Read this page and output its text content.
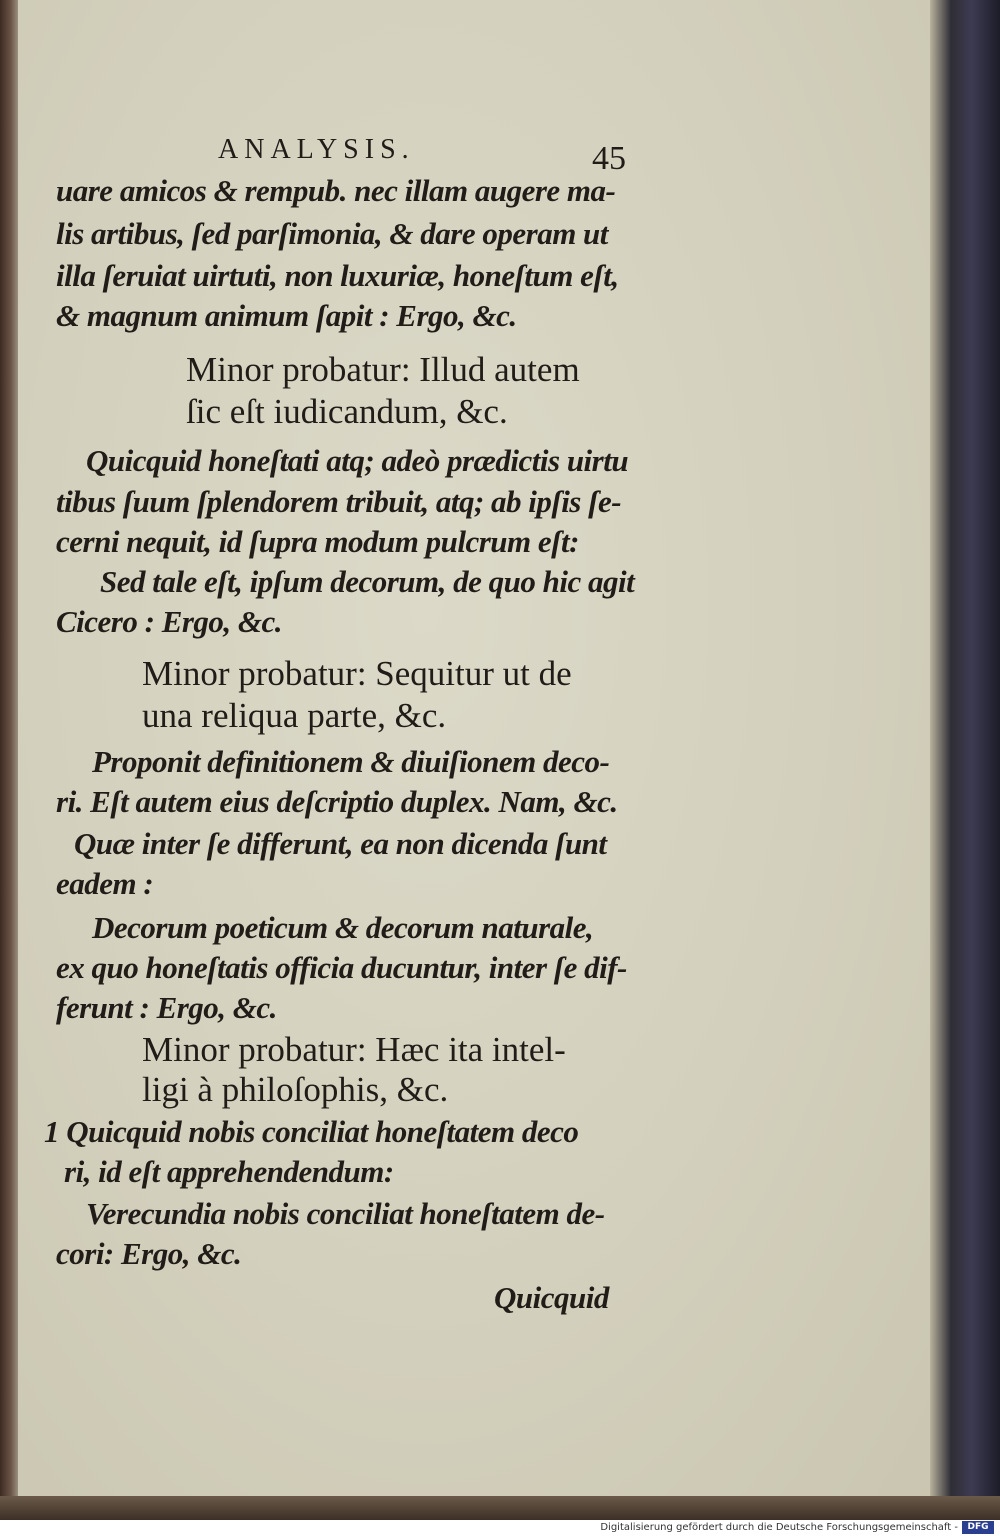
ANALYSIS.	45
uare amicos & rempub. nec illam augere ma-
lis artibus, ſed parſimonia, & dare operam ut
illa ſeruiat uirtuti, non luxuriæ, honeſtum eſt,
& magnum animum ſapit : Ergo, &c.
Minor probatur: Illud autem
ſic eſt iudicandum, &c.
Quicquid honeſtati atq; adeò prædictis uirtu
tibus ſuum ſplendorem tribuit, atq; ab ipſis ſe-
cerni nequit, id ſupra modum pulcrum eſt:
Sed tale eſt, ipſum decorum, de quo hic agit
Cicero : Ergo, &c.
Minor probatur: Sequitur ut de
una reliqua parte, &c.
Proponit definitionem & diuiſionem deco-
ri. Eſt autem eius deſcriptio duplex. Nam, &c.
Quæ inter ſe differunt, ea non dicenda ſunt
eadem :
Decorum poeticum & decorum naturale,
ex quo honeſtatis officia ducuntur, inter ſe dif-
ferunt : Ergo, &c.
Minor probatur: Hæc ita intel-
ligi à philoſophis, &c.
1 Quicquid nobis conciliat honeſtatem deco
ri, id eſt apprehendendum:
Verecundia nobis conciliat honeſtatem de-
cori: Ergo, &c.
Quicquid
Digitalisierung gefördert durch die Deutsche Forschungsgemeinschaft -	DFG
